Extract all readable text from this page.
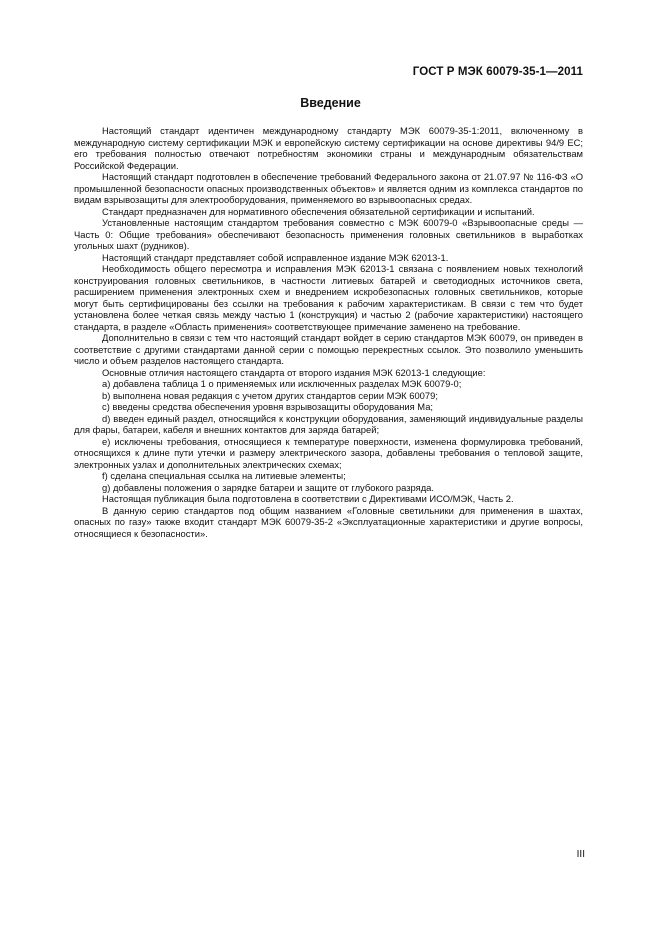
ГОСТ Р МЭК 60079-35-1—2011
Введение

Настоящий стандарт идентичен международному стандарту МЭК 60079-35-1:2011, включенному в международную систему сертификации МЭК и европейскую систему сертификации на основе директивы 94/9 ЕС; его требования полностью отвечают потребностям экономики страны и международным обязательствам Российской Федерации.

Настоящий стандарт подготовлен в обеспечение требований Федерального закона от 21.07.97 № 116-ФЗ «О промышленной безопасности опасных производственных объектов» и является одним из комплекса стандартов по видам взрывозащиты для электрооборудования, применяемого во взрывоопасных средах.

Стандарт предназначен для нормативного обеспечения обязательной сертификации и испытаний.

Установленные настоящим стандартом требования совместно с МЭК 60079-0 «Взрывоопасные среды — Часть 0: Общие требования» обеспечивают безопасность применения головных светильников в выработках угольных шахт (рудников).

Настоящий стандарт представляет собой исправленное издание МЭК 62013-1.

Необходимость общего пересмотра и исправления МЭК 62013-1 связана с появлением новых технологий конструирования головных светильников, в частности литиевых батарей и светодиодных источников света, расширением применения электронных схем и внедрением искробезопасных головных светильников, которые могут быть сертифицированы без ссылки на требования к рабочим характеристикам. В связи с тем что будет установлена более четкая связь между частью 1 (конструкция) и частью 2 (рабочие характеристики) настоящего стандарта, в разделе «Область применения» соответствующее примечание заменено на требование.

Дополнительно в связи с тем что настоящий стандарт войдет в серию стандартов МЭК 60079, он приведен в соответствие с другими стандартами данной серии с помощью перекрестных ссылок. Это позволило уменьшить число и объем разделов настоящего стандарта.

Основные отличия настоящего стандарта от второго издания МЭК 62013-1 следующие:

a) добавлена таблица 1 о применяемых или исключенных разделах МЭК 60079-0;

b) выполнена новая редакция с учетом других стандартов серии МЭК 60079;

c) введены средства обеспечения уровня взрывозащиты оборудования Ма;

d) введен единый раздел, относящийся к конструкции оборудования, заменяющий индивидуальные разделы для фары, батареи, кабеля и внешних контактов для заряда батарей;

e) исключены требования, относящиеся к температуре поверхности, изменена формулировка требований, относящихся к длине пути утечки и размеру электрического зазора, добавлены требования о тепловой защите, электронных узлах и дополнительных электрических схемах;

f) сделана специальная ссылка на литиевые элементы;

g) добавлены положения о зарядке батареи и защите от глубокого разряда.

Настоящая публикация была подготовлена в соответствии с Директивами ИСО/МЭК, Часть 2.

В данную серию стандартов под общим названием «Головные светильники для применения в шахтах, опасных по газу» также входит стандарт МЭК 60079-35-2 «Эксплуатационные характеристики и другие вопросы, относящиеся к безопасности».

III
